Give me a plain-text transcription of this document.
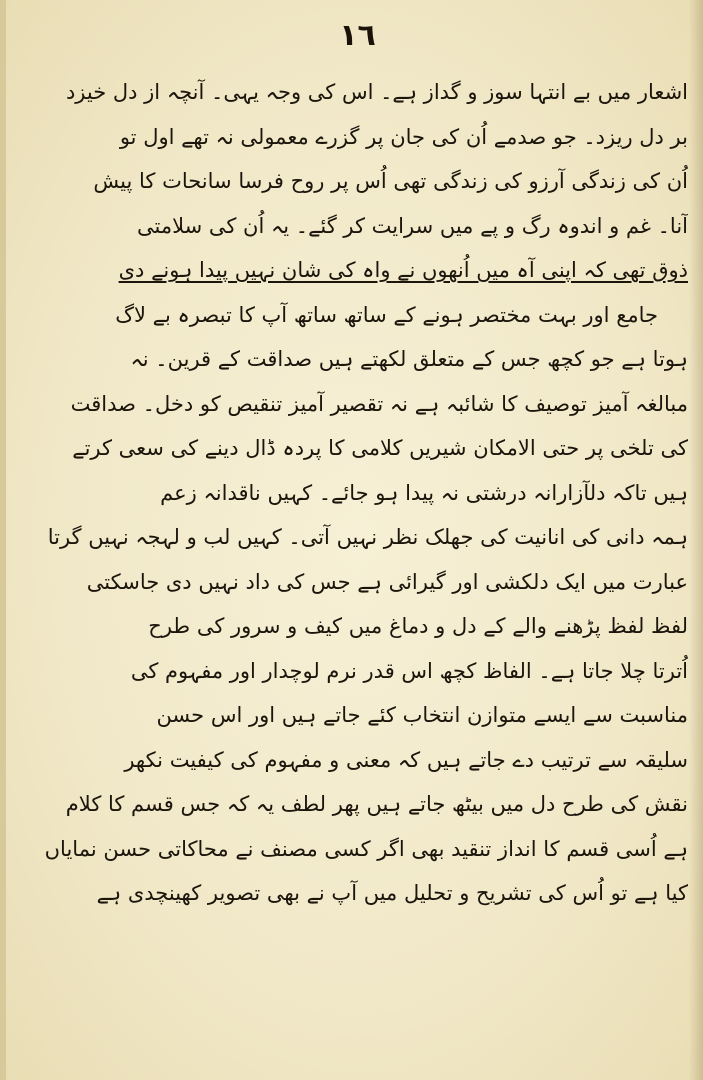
١٦
اشعار میں بے انتہا سوز و گداز ہے۔ اس کی وجہ یہی۔ آنچہ از دل خیزد
بر دل ریزد۔ جو صدمے اُن کی جان پر گزرے معمولی نہ تھے اول تو
اُن کی زندگی آرزو کی زندگی تھی اُس پر روح فرسا سانحات کا پیش
آنا۔ غم و اندوہ رگ و پے میں سرایت کر گئے۔ یہ اُن کی سلامتی
ذوق تھی کہ اپنی آہ میں اُنھوں نے واہ کی شان نہیں پیدا ہونے دی
جامع اور بہت مختصر ہونے کے ساتھ ساتھ آپ کا تبصرہ بے لاگ
ہوتا ہے جو کچھ جس کے متعلق لکھتے ہیں صداقت کے قرین۔ نہ
مبالغہ آمیز توصیف کا شائبہ ہے نہ تقصیر آمیز تنقیص کو دخل۔ صداقت
کی تلخی پر حتی الامکان شیریں کلامی کا پردہ ڈال دینے کی سعی کرتے
ہیں تاکہ دلآزارانہ درشتی نہ پیدا ہو جائے۔ کہیں ناقدانہ زعم
ہمہ دانی کی انانیت کی جھلک نظر نہیں آتی۔ کہیں لب و لہجہ نہیں گرتا
عبارت میں ایک دلکشی اور گیرائی ہے جس کی داد نہیں دی جاسکتی
لفظ لفظ پڑھنے والے کے دل و دماغ میں کیف و سرور کی طرح
اُترتا چلا جاتا ہے۔ الفاظ کچھ اس قدر نرم لوچدار اور مفہوم کی
مناسبت سے ایسے متوازن انتخاب کئے جاتے ہیں اور اس حسن
سلیقہ سے ترتیب دے جاتے ہیں کہ معنی و مفہوم کی کیفیت نکھر
نقش کی طرح دل میں بیٹھ جاتے ہیں پھر لطف یہ کہ جس قسم کا کلام
ہے اُسی قسم کا انداز تنقید بھی اگر کسی مصنف نے محاکاتی حسن نمایاں
کیا ہے تو اُس کی تشریح و تحلیل میں آپ نے بھی تصویر کھینچدی ہے
